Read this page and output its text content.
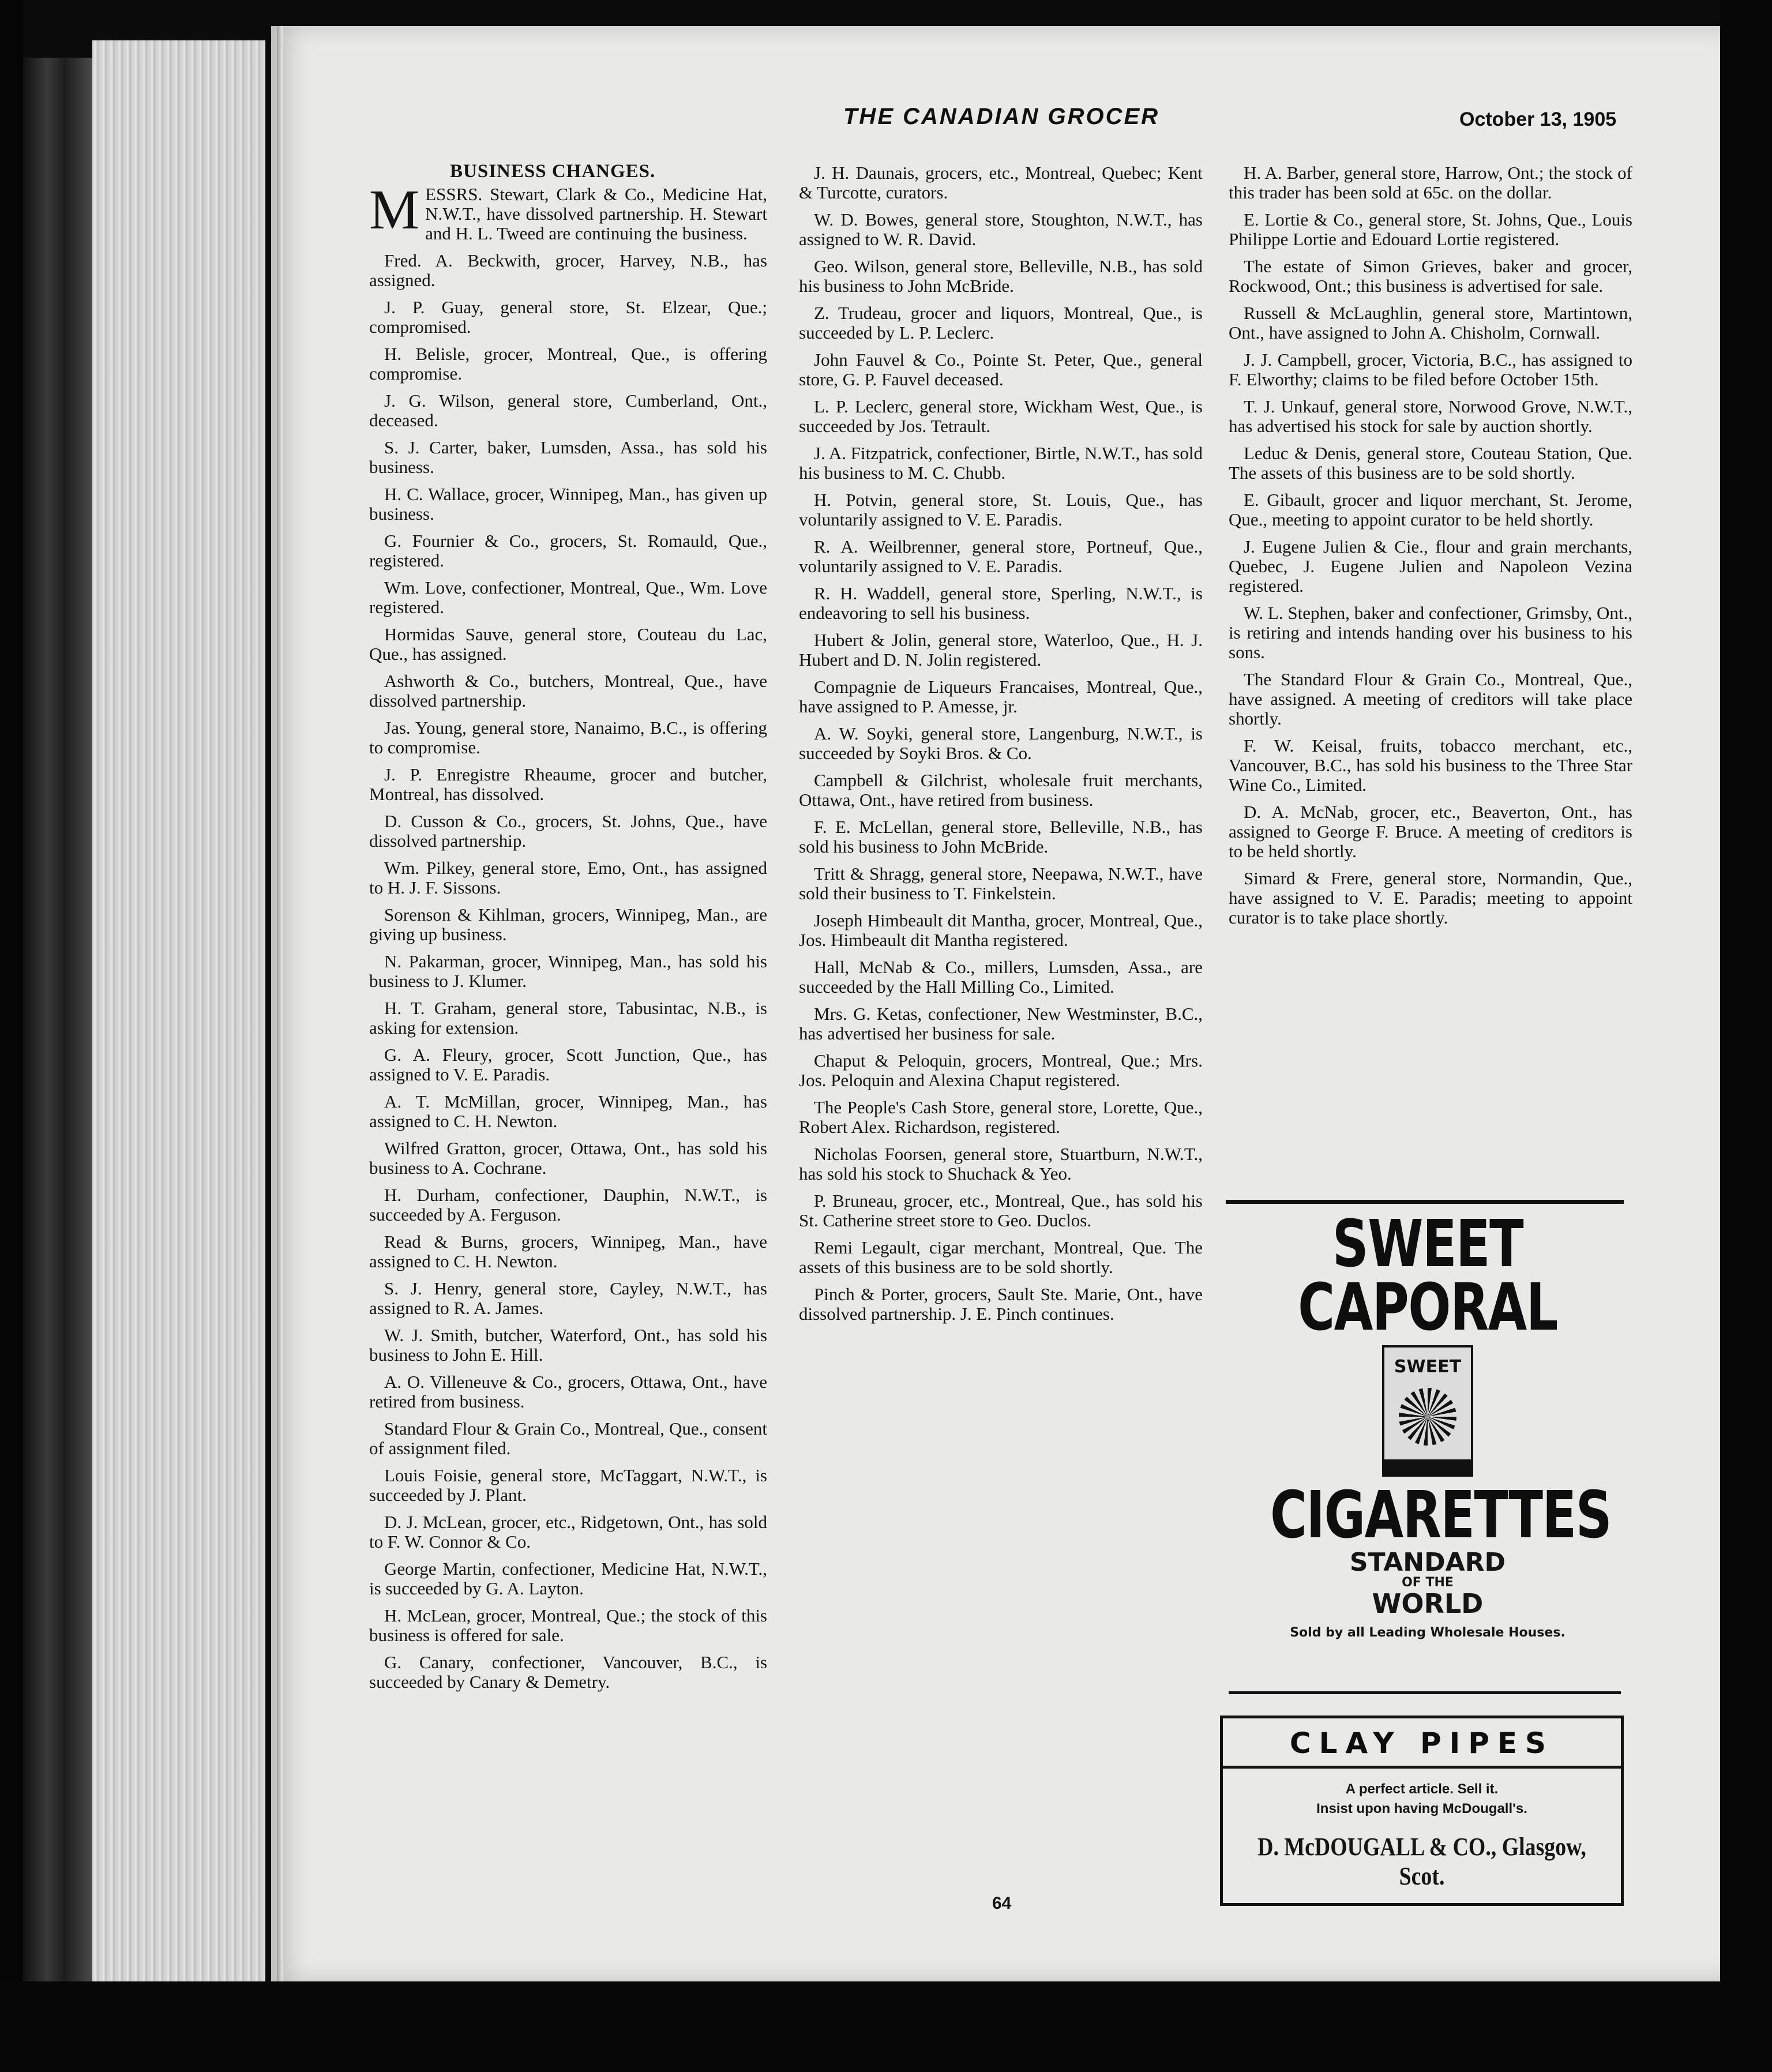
THE CANADIAN GROCER	October 13, 1905
BUSINESS CHANGES.

MESSRS. Stewart, Clark & Co., Medicine Hat, N.W.T., have dissolved partnership. H. Stewart and H. L. Tweed are continuing the business.

Fred. A. Beckwith, grocer, Harvey, N.B., has assigned.

J. P. Guay, general store, St. Elzear, Que.; compromised.

H. Belisle, grocer, Montreal, Que., is offering compromise.

J. G. Wilson, general store, Cumberland, Ont., deceased.

S. J. Carter, baker, Lumsden, Assa., has sold his business.

H. C. Wallace, grocer, Winnipeg, Man., has given up business.

G. Fournier & Co., grocers, St. Romauld, Que., registered.

Wm. Love, confectioner, Montreal, Que., Wm. Love registered.

Hormidas Sauve, general store, Couteau du Lac, Que., has assigned.

Ashworth & Co., butchers, Montreal, Que., have dissolved partnership.

Jas. Young, general store, Nanaimo, B.C., is offering to compromise.

J. P. Enregistre Rheaume, grocer and butcher, Montreal, has dissolved.

D. Cusson & Co., grocers, St. Johns, Que., have dissolved partnership.

Wm. Pilkey, general store, Emo, Ont., has assigned to H. J. F. Sissons.

Sorenson & Kihlman, grocers, Winnipeg, Man., are giving up business.

N. Pakarman, grocer, Winnipeg, Man., has sold his business to J. Klumer.

H. T. Graham, general store, Tabusintac, N.B., is asking for extension.

G. A. Fleury, grocer, Scott Junction, Que., has assigned to V. E. Paradis.

A. T. McMillan, grocer, Winnipeg, Man., has assigned to C. H. Newton.

Wilfred Gratton, grocer, Ottawa, Ont., has sold his business to A. Cochrane.

H. Durham, confectioner, Dauphin, N.W.T., is succeeded by A. Ferguson.

Read & Burns, grocers, Winnipeg, Man., have assigned to C. H. Newton.

S. J. Henry, general store, Cayley, N.W.T., has assigned to R. A. James.

W. J. Smith, butcher, Waterford, Ont., has sold his business to John E. Hill.

A. O. Villeneuve & Co., grocers, Ottawa, Ont., have retired from business.

Standard Flour & Grain Co., Montreal, Que., consent of assignment filed.

Louis Foisie, general store, McTaggart, N.W.T., is succeeded by J. Plant.

D. J. McLean, grocer, etc., Ridgetown, Ont., has sold to F. W. Connor & Co.

George Martin, confectioner, Medicine Hat, N.W.T., is succeeded by G. A. Layton.

H. McLean, grocer, Montreal, Que.; the stock of this business is offered for sale.

G. Canary, confectioner, Vancouver, B.C., is succeeded by Canary & Demetry.

J. H. Daunais, grocers, etc., Montreal, Quebec; Kent & Turcotte, curators.

W. D. Bowes, general store, Stoughton, N.W.T., has assigned to W. R. David.

Geo. Wilson, general store, Belleville, N.B., has sold his business to John McBride.

Z. Trudeau, grocer and liquors, Montreal, Que., is succeeded by L. P. Leclerc.

John Fauvel & Co., Pointe St. Peter, Que., general store, G. P. Fauvel deceased.

L. P. Leclerc, general store, Wickham West, Que., is succeeded by Jos. Tetrault.

J. A. Fitzpatrick, confectioner, Birtle, N.W.T., has sold his business to M. C. Chubb.

H. Potvin, general store, St. Louis, Que., has voluntarily assigned to V. E. Paradis.

R. A. Weilbrenner, general store, Portneuf, Que., voluntarily assigned to V. E. Paradis.

R. H. Waddell, general store, Sperling, N.W.T., is endeavoring to sell his business.

Hubert & Jolin, general store, Waterloo, Que., H. J. Hubert and D. N. Jolin registered.

Compagnie de Liqueurs Francaises, Montreal, Que., have assigned to P. Amesse, jr.

A. W. Soyki, general store, Langenburg, N.W.T., is succeeded by Soyki Bros. & Co.

Campbell & Gilchrist, wholesale fruit merchants, Ottawa, Ont., have retired from business.

F. E. McLellan, general store, Belleville, N.B., has sold his business to John McBride.

Tritt & Shragg, general store, Neepawa, N.W.T., have sold their business to T. Finkelstein.

Joseph Himbeault dit Mantha, grocer, Montreal, Que., Jos. Himbeault dit Mantha registered.

Hall, McNab & Co., millers, Lumsden, Assa., are succeeded by the Hall Milling Co., Limited.

Mrs. G. Ketas, confectioner, New Westminster, B.C., has advertised her business for sale.

Chaput & Peloquin, grocers, Montreal, Que.; Mrs. Jos. Peloquin and Alexina Chaput registered.

The People's Cash Store, general store, Lorette, Que., Robert Alex. Richardson, registered.

Nicholas Foorsen, general store, Stuartburn, N.W.T., has sold his stock to Shuchack & Yeo.

P. Bruneau, grocer, etc., Montreal, Que., has sold his St. Catherine street store to Geo. Duclos.

Remi Legault, cigar merchant, Montreal, Que. The assets of this business are to be sold shortly.

Pinch & Porter, grocers, Sault Ste. Marie, Ont., have dissolved partnership. J. E. Pinch continues.

H. A. Barber, general store, Harrow, Ont.; the stock of this trader has been sold at 65c. on the dollar.

E. Lortie & Co., general store, St. Johns, Que., Louis Philippe Lortie and Edouard Lortie registered.

The estate of Simon Grieves, baker and grocer, Rockwood, Ont.; this business is advertised for sale.

Russell & McLaughlin, general store, Martintown, Ont., have assigned to John A. Chisholm, Cornwall.

J. J. Campbell, grocer, Victoria, B.C., has assigned to F. Elworthy; claims to be filed before October 15th.

T. J. Unkauf, general store, Norwood Grove, N.W.T., has advertised his stock for sale by auction shortly.

Leduc & Denis, general store, Couteau Station, Que. The assets of this business are to be sold shortly.

E. Gibault, grocer and liquor merchant, St. Jerome, Que., meeting to appoint curator to be held shortly.

J. Eugene Julien & Cie., flour and grain merchants, Quebec, J. Eugene Julien and Napoleon Vezina registered.

W. L. Stephen, baker and confectioner, Grimsby, Ont., is retiring and intends handing over his business to his sons.

The Standard Flour & Grain Co., Montreal, Que., have assigned. A meeting of creditors will take place shortly.

F. W. Keisal, fruits, tobacco merchant, etc., Vancouver, B.C., has sold his business to the Three Star Wine Co., Limited.

D. A. McNab, grocer, etc., Beaverton, Ont., has assigned to George F. Bruce. A meeting of creditors is to be held shortly.

Simard & Frere, general store, Normandin, Que., have assigned to V. E. Paradis; meeting to appoint curator is to take place shortly.

SWEET
CAPORAL
SWEET
CIGARETTES
STANDARD
OF THE
WORLD
Sold by all Leading Wholesale Houses.
CLAY PIPES
A perfect article. Sell it.
Insist upon having McDougall's.
D. McDOUGALL & CO., Glasgow, Scot.
64
